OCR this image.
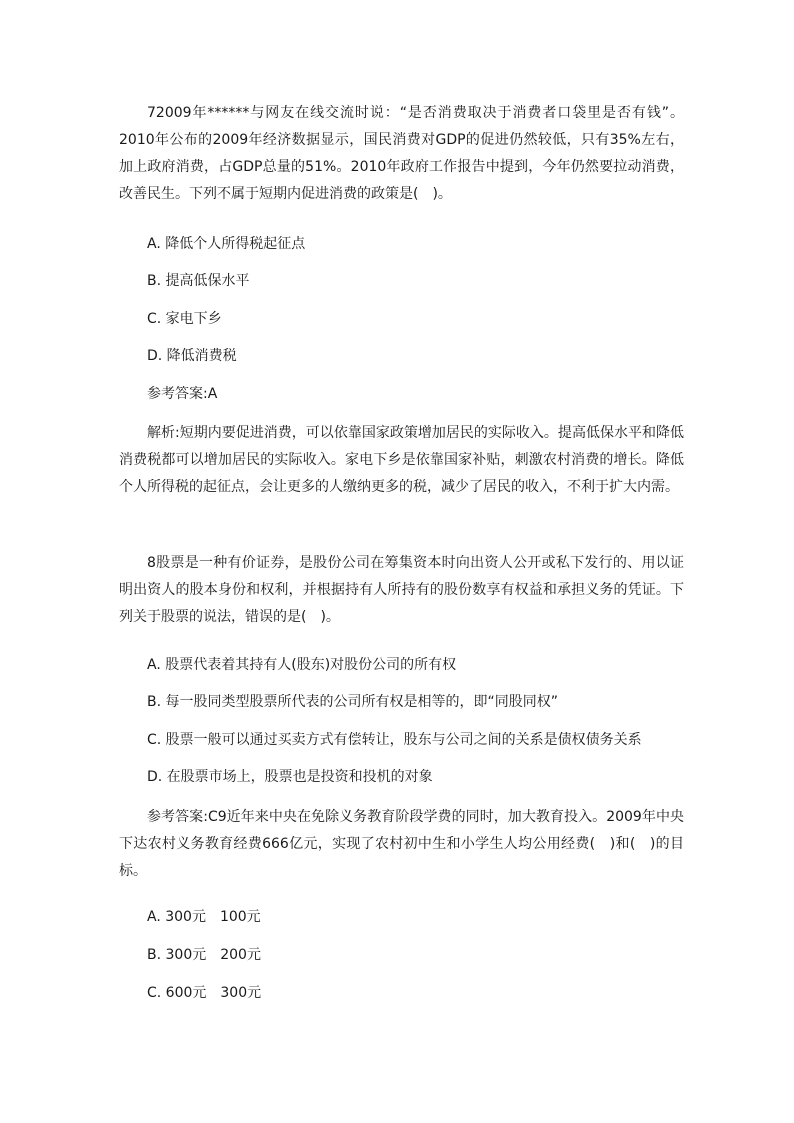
72009年******与网友在线交流时说：“是否消费取决于消费者口袋里是否有钱”。2010年公布的2009年经济数据显示，国民消费对GDP的促进仍然较低，只有35%左右，加上政府消费，占GDP总量的51%。2010年政府工作报告中提到，今年仍然要拉动消费，改善民生。下列不属于短期内促进消费的政策是(　)。

A. 降低个人所得税起征点

B. 提高低保水平

C. 家电下乡

D. 降低消费税

参考答案:A

解析:短期内要促进消费，可以依靠国家政策增加居民的实际收入。提高低保水平和降低消费税都可以增加居民的实际收入。家电下乡是依靠国家补贴，刺激农村消费的增长。降低个人所得税的起征点，会让更多的人缴纳更多的税，减少了居民的收入，不利于扩大内需。

8股票是一种有价证券，是股份公司在筹集资本时向出资人公开或私下发行的、用以证明出资人的股本身份和权利，并根据持有人所持有的股份数享有权益和承担义务的凭证。下列关于股票的说法，错误的是(　)。

A. 股票代表着其持有人(股东)对股份公司的所有权

B. 每一股同类型股票所代表的公司所有权是相等的，即“同股同权”

C. 股票一般可以通过买卖方式有偿转让，股东与公司之间的关系是债权债务关系

D. 在股票市场上，股票也是投资和投机的对象

参考答案:C9近年来中央在免除义务教育阶段学费的同时，加大教育投入。2009年中央下达农村义务教育经费666亿元，实现了农村初中生和小学生人均公用经费(　)和(　)的目标。

A. 300元　100元

B. 300元　200元

C. 600元　300元
